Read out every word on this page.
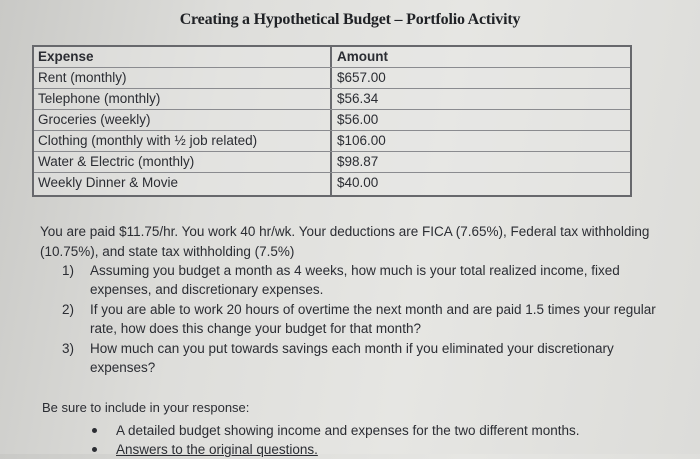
Creating a Hypothetical Budget – Portfolio Activity
Expense	Amount
Rent (monthly)	$657.00
Telephone (monthly)	$56.34
Groceries (weekly)	$56.00
Clothing (monthly with ½ job related)	$106.00
Water & Electric (monthly)	$98.87
Weekly Dinner & Movie	$40.00
You are paid $11.75/hr. You work 40 hr/wk. Your deductions are FICA (7.65%), Federal tax withholding (10.75%), and state tax withholding (7.5%)
1) Assuming you budget a month as 4 weeks, how much is your total realized income, fixed expenses, and discretionary expenses.
2) If you are able to work 20 hours of overtime the next month and are paid 1.5 times your regular rate, how does this change your budget for that month?
3) How much can you put towards savings each month if you eliminated your discretionary expenses?
Be sure to include in your response:
A detailed budget showing income and expenses for the two different months.
Answers to the original questions.
